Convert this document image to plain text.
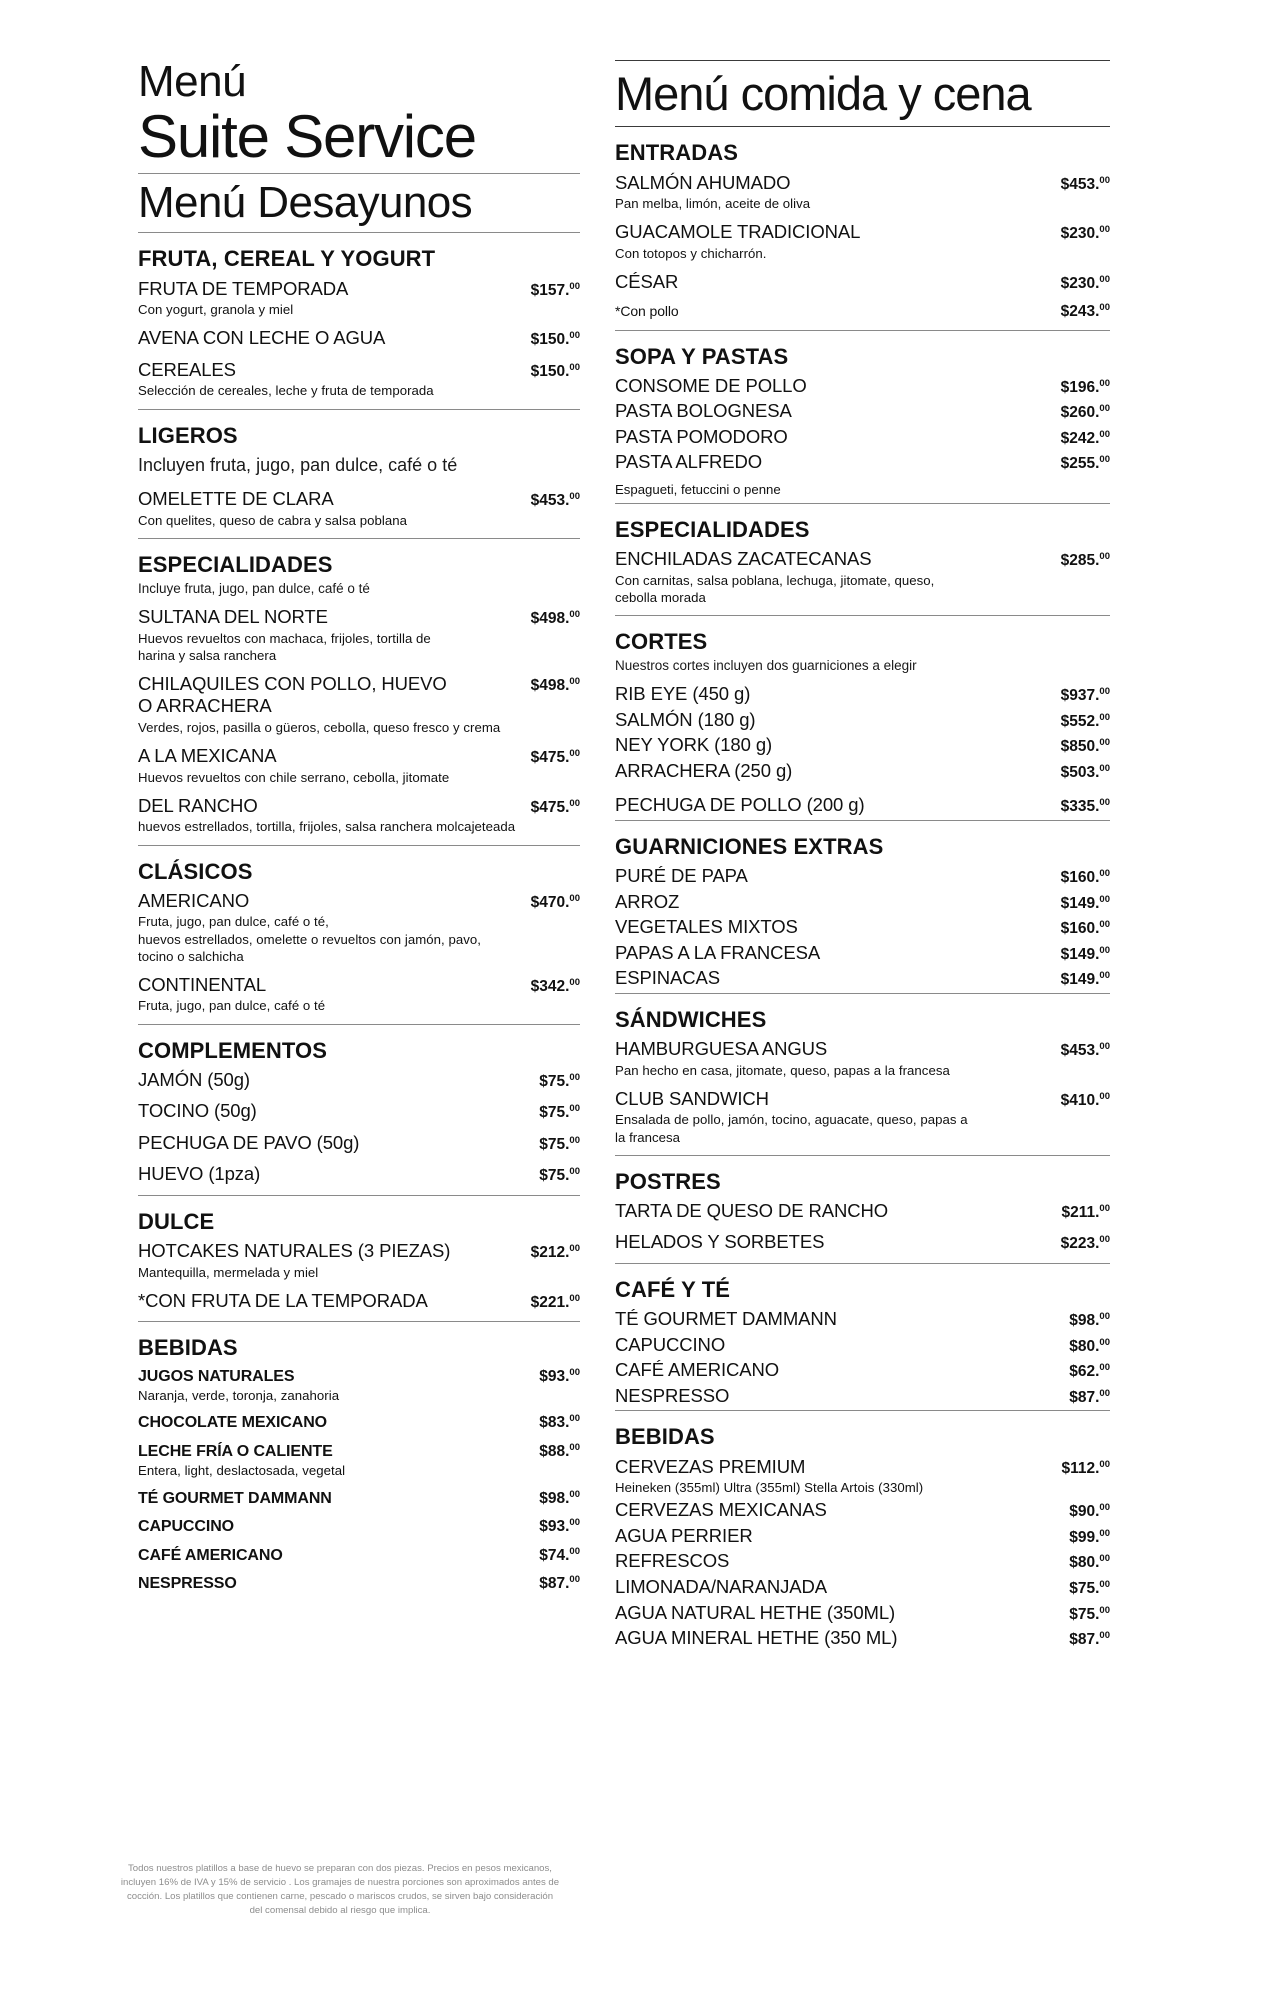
Menú
Suite Service
Menú Desayunos
FRUTA, CEREAL Y YOGURT
FRUTA DE TEMPORADA	$157.00
Con yogurt, granola y miel
AVENA CON LECHE O AGUA	$150.00
CEREALES	$150.00
Selección de cereales, leche y fruta de temporada
LIGEROS
Incluyen fruta, jugo, pan dulce, café o té
OMELETTE DE CLARA	$453.00
Con quelites, queso de cabra y salsa poblana
ESPECIALIDADES
Incluye fruta, jugo, pan dulce, café o té
SULTANA DEL NORTE	$498.00
Huevos revueltos con machaca, frijoles, tortilla de
harina y salsa ranchera
CHILAQUILES CON POLLO, HUEVO
O ARRACHERA
$498.00
Verdes, rojos, pasilla o güeros, cebolla, queso fresco y crema
A LA MEXICANA	$475.00
Huevos revueltos con chile serrano, cebolla, jitomate
DEL RANCHO	$475.00
huevos estrellados, tortilla, frijoles, salsa ranchera molcajeteada
CLÁSICOS
AMERICANO	$470.00
Fruta, jugo, pan dulce, café o té,
huevos estrellados, omelette o revueltos con jamón, pavo,
tocino o salchicha
CONTINENTAL	$342.00
Fruta, jugo, pan dulce, café o té
COMPLEMENTOS
JAMÓN (50g)	$75.00
TOCINO (50g)	$75.00
PECHUGA DE PAVO (50g)	$75.00
HUEVO (1pza)	$75.00
DULCE
HOTCAKES NATURALES (3 PIEZAS)	$212.00
Mantequilla, mermelada y miel
*CON FRUTA DE LA TEMPORADA	$221.00
BEBIDAS
JUGOS NATURALES	$93.00
Naranja, verde, toronja, zanahoria
CHOCOLATE MEXICANO	$83.00
LECHE FRÍA O CALIENTE	$88.00
Entera, light, deslactosada, vegetal
TÉ GOURMET DAMMANN	$98.00
CAPUCCINO	$93.00
CAFÉ AMERICANO	$74.00
NESPRESSO	$87.00
Menú comida y cena
ENTRADAS
SALMÓN AHUMADO	$453.00
Pan melba, limón, aceite de oliva
GUACAMOLE TRADICIONAL	$230.00
Con totopos y chicharrón.
CÉSAR	$230.00
*Con pollo	$243.00
SOPA Y PASTAS
CONSOME DE POLLO	$196.00
PASTA BOLOGNESA	$260.00
PASTA POMODORO	$242.00
PASTA ALFREDO	$255.00
Espagueti, fetuccini o penne
ESPECIALIDADES
ENCHILADAS ZACATECANAS	$285.00
Con carnitas, salsa poblana, lechuga, jitomate, queso,
cebolla morada
CORTES
Nuestros cortes incluyen dos guarniciones a elegir
RIB EYE (450 g)	$937.00
SALMÓN (180 g)	$552.00
NEY YORK (180 g)	$850.00
ARRACHERA (250 g)	$503.00
PECHUGA DE POLLO (200 g)	$335.00
GUARNICIONES EXTRAS
PURÉ DE PAPA	$160.00
ARROZ	$149.00
VEGETALES MIXTOS	$160.00
PAPAS A LA FRANCESA	$149.00
ESPINACAS	$149.00
SÁNDWICHES
HAMBURGUESA ANGUS	$453.00
Pan hecho en casa, jitomate, queso, papas a la francesa
CLUB SANDWICH	$410.00
Ensalada de pollo, jamón, tocino, aguacate, queso, papas a
la francesa
POSTRES
TARTA DE QUESO DE RANCHO	$211.00
HELADOS Y SORBETES	$223.00
CAFÉ Y TÉ
TÉ GOURMET DAMMANN	$98.00
CAPUCCINO	$80.00
CAFÉ AMERICANO	$62.00
NESPRESSO	$87.00
BEBIDAS
CERVEZAS PREMIUM	$112.00
Heineken (355ml) Ultra (355ml) Stella Artois (330ml)
CERVEZAS MEXICANAS	$90.00
AGUA PERRIER	$99.00
REFRESCOS	$80.00
LIMONADA/NARANJADA	$75.00
AGUA NATURAL HETHE (350ML)	$75.00
AGUA MINERAL HETHE (350 ML)	$87.00
Todos nuestros platillos a base de huevo se preparan con dos piezas. Precios en pesos mexicanos, incluyen 16% de IVA y 15% de servicio . Los gramajes de nuestra porciones son aproximados antes de cocción. Los platillos que contienen carne, pescado o mariscos crudos, se sirven bajo consideración del comensal debido al riesgo que implica.
